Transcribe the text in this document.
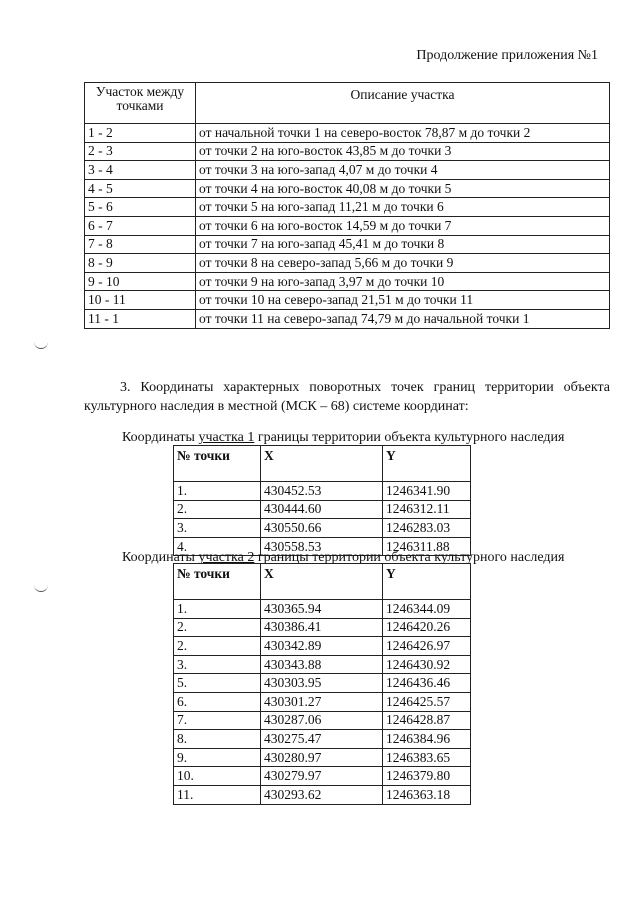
Продолжение приложения №1
Участок между точками	Описание участка
1 - 2	от начальной точки 1 на северо-восток 78,87 м до точки 2
2 - 3	от точки 2 на юго-восток 43,85 м до точки 3
3 - 4	от точки 3 на юго-запад 4,07 м до точки 4
4 - 5	от точки 4 на юго-восток 40,08 м до точки 5
5 - 6	от точки 5 на юго-запад 11,21 м до точки 6
6 - 7	от точки 6 на юго-восток 14,59 м до точки 7
7 - 8	от точки 7 на юго-запад 45,41 м до точки 8
8 - 9	от точки 8 на северо-запад 5,66 м до точки 9
9 - 10	от точки 9 на юго-запад 3,97 м до точки 10
10 - 11	от точки 10 на северо-запад 21,51 м до точки 11
11 - 1	от точки 11 на северо-запад 74,79 м до начальной точки 1
3. Координаты характерных поворотных точек границ территории объекта культурного наследия в местной (МСК – 68) системе координат:
Координаты участка 1 границы территории объекта культурного наследия
№ точки	X	Y
1.	430452.53	1246341.90
2.	430444.60	1246312.11
3.	430550.66	1246283.03
4.	430558.53	1246311.88
Координаты участка 2 границы территории объекта культурного наследия
№ точки	X	Y
1.	430365.94	1246344.09
2.	430386.41	1246420.26
2.	430342.89	1246426.97
3.	430343.88	1246430.92
5.	430303.95	1246436.46
6.	430301.27	1246425.57
7.	430287.06	1246428.87
8.	430275.47	1246384.96
9.	430280.97	1246383.65
10.	430279.97	1246379.80
11.	430293.62	1246363.18
